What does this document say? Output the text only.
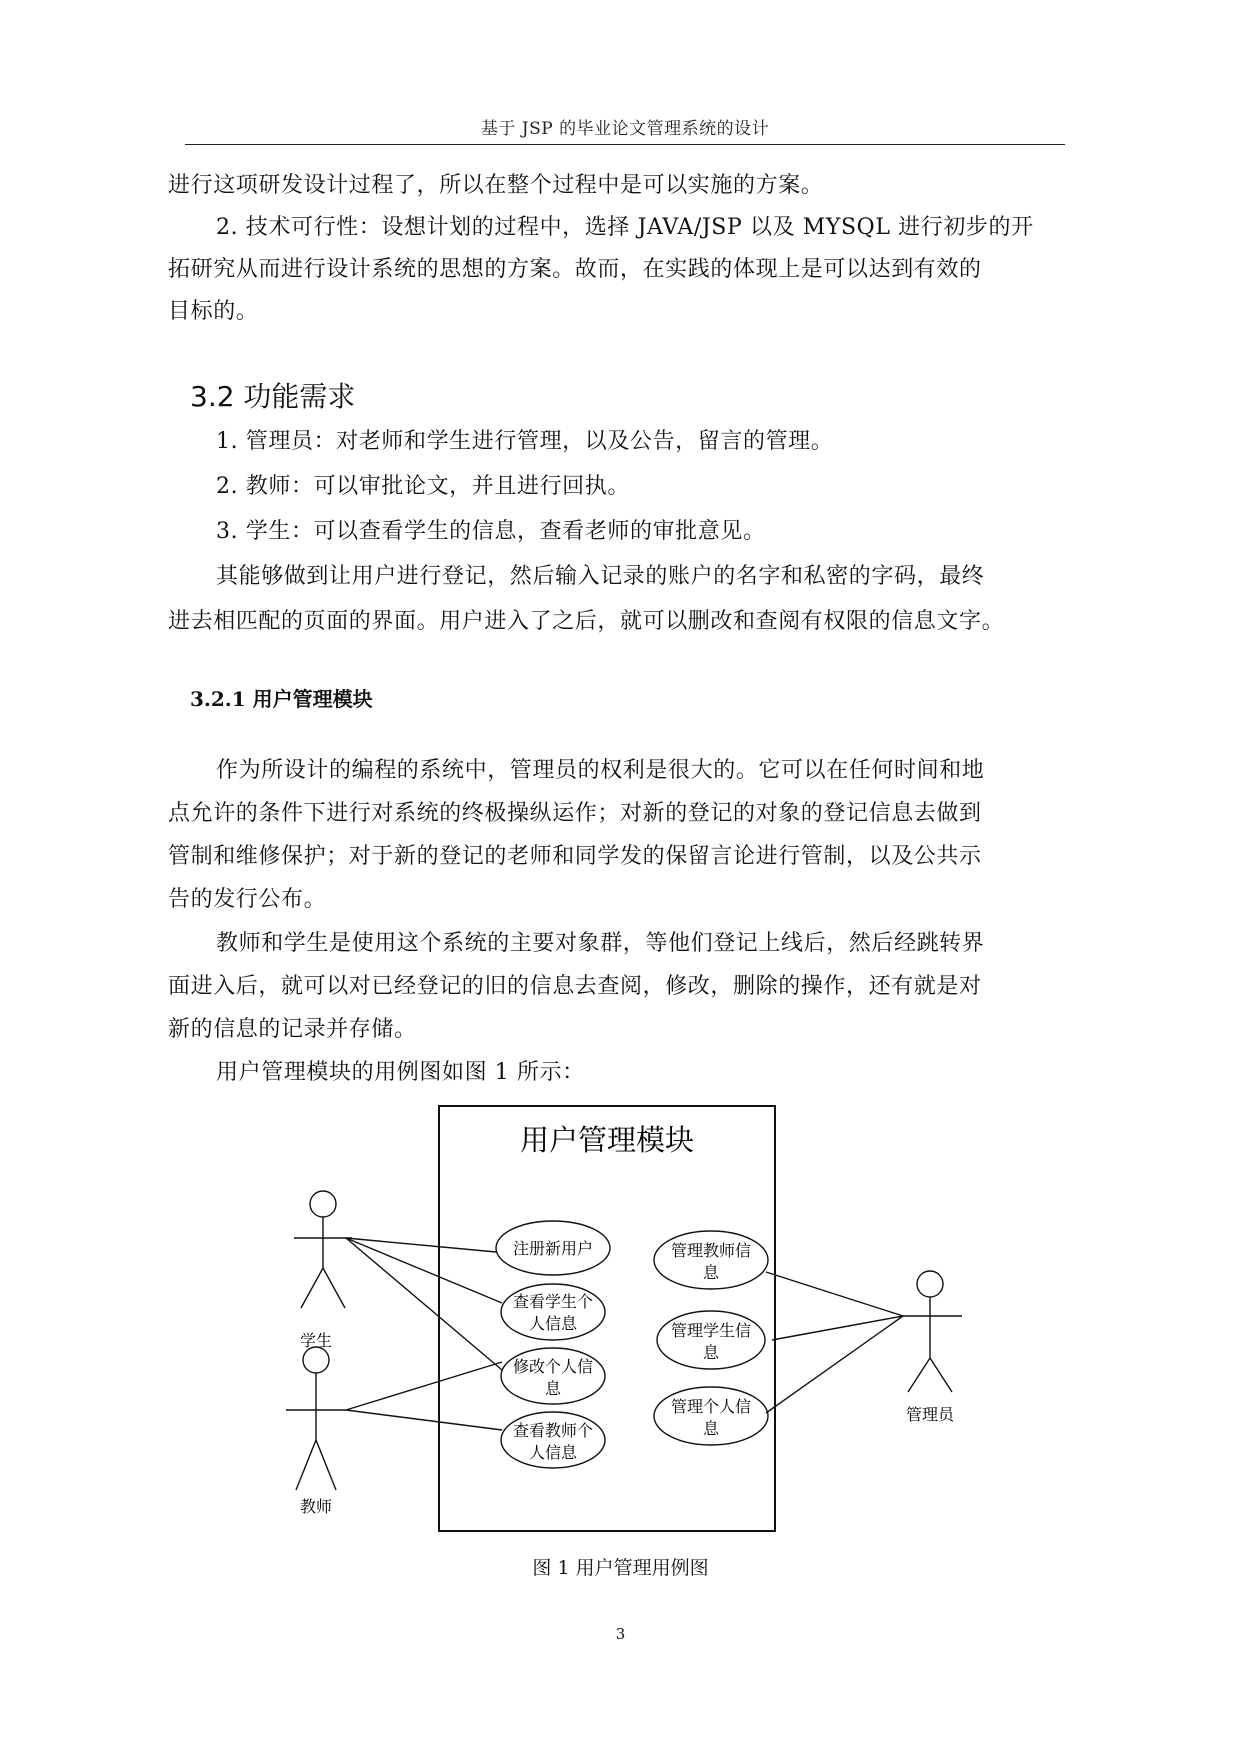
基于 JSP 的毕业论文管理系统的设计
进行这项研发设计过程了，所以在整个过程中是可以实施的方案。
2. 技术可行性：设想计划的过程中，选择 JAVA/JSP 以及 MYSQL 进行初步的开
拓研究从而进行设计系统的思想的方案。故而，在实践的体现上是可以达到有效的
目标的。
3.2 功能需求
1. 管理员：对老师和学生进行管理，以及公告，留言的管理。
2. 教师：可以审批论文，并且进行回执。
3. 学生：可以查看学生的信息，查看老师的审批意见。
其能够做到让用户进行登记，然后输入记录的账户的名字和私密的字码，最终
进去相匹配的页面的界面。用户进入了之后，就可以删改和查阅有权限的信息文字。
3.2.1 用户管理模块
作为所设计的编程的系统中，管理员的权利是很大的。它可以在任何时间和地
点允许的条件下进行对系统的终极操纵运作；对新的登记的对象的登记信息去做到
管制和维修保护；对于新的登记的老师和同学发的保留言论进行管制，以及公共示
告的发行公布。
教师和学生是使用这个系统的主要对象群，等他们登记上线后，然后经跳转界
面进入后，就可以对已经登记的旧的信息去查阅，修改，删除的操作，还有就是对
新的信息的记录并存储。
用户管理模块的用例图如图 1 所示：
用户管理模块
学生
教师
管理员
注册新用户
查看学生个
人信息
修改个人信
息
查看教师个
人信息
管理教师信
息
管理学生信
息
管理个人信
息
图 1 用户管理用例图
3
